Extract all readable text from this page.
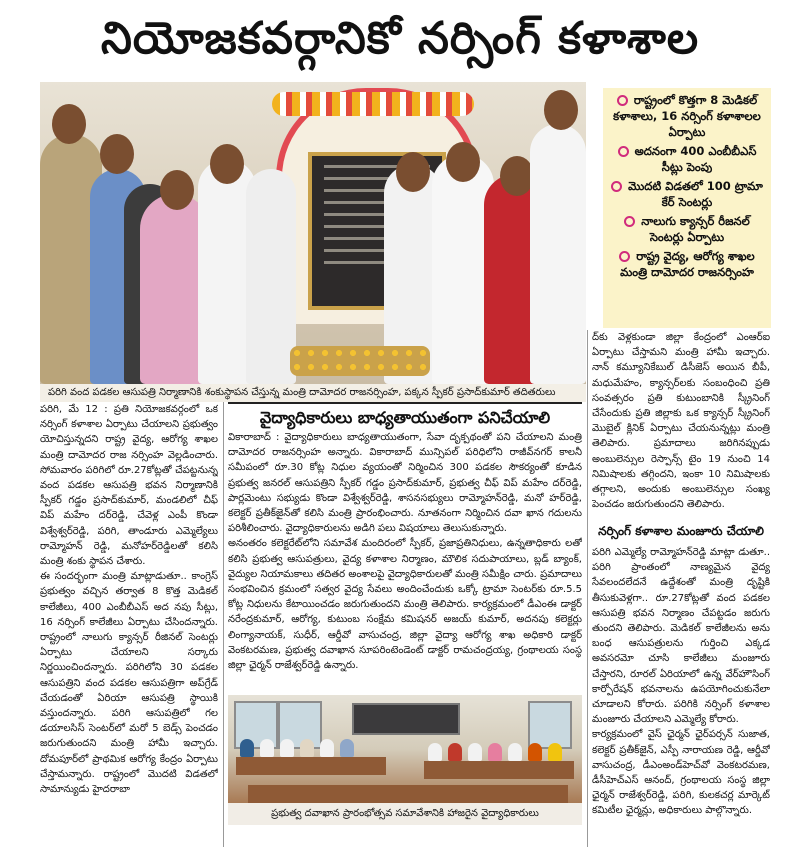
నియోజకవర్గానికో నర్సింగ్ కళాశాల
పరిగి వంద పడకల ఆసుపత్రి నిర్మాణానికి శంకుస్థాపన చేస్తున్న మంత్రి దామోదర రాజనర్సింహ, పక్కన స్పీకర్ ప్రసాద్‌కుమార్ తదితరులు
రాష్ట్రంలో కొత్తగా 8 మెడికల్ కళాశాలు, 16 నర్సింగ్ కళాశాలల ఏర్పాటు
అదనంగా 400 ఎంబీబీఎస్ సీట్లు పెంపు
మొదటి విడతలో 100 ట్రామా కేర్ సెంటర్లు
నాలుగు క్యాన్సర్ రీజనల్ సెంటర్లు ఏర్పాటు
రాష్ట్ర వైద్య, ఆరోగ్య శాఖల మంత్రి దామోదర రాజనర్సింహ

పరిగి, మే 12 : ప్రతి నియోజకవర్గంలో ఒక నర్సింగ్ కళాశాల ఏర్పాటు చేయాలని ప్రభుత్వం యోచిస్తున్నదని రాష్ట్ర వైద్య, ఆరోగ్య శాఖల మంత్రి దామోదర రాజ నర్సింహ వెల్లడించారు. సోమవారం పరిగిలో రూ.27కోట్లతో చేపట్టనున్న వంద పడకల ఆసుపత్రి భవన నిర్మాణానికి స్పీకర్ గడ్డం ప్రసాద్‌కుమార్, మండలిలో చీఫ్ విప్ మహేం దర్‌రెడ్డి, చేవెళ్ల ఎంపీ కొండా విశ్వేశ్వర్‌రెడ్డి, పరిగి, తాండూరు ఎమ్మెల్యేలు రామ్మోహన్ రెడ్డి, మనోహర్‌రెడ్డిలతో కలిసి మంత్రి శంకు స్థాపన చేశారు.

ఈ సందర్భంగా మంత్రి మాట్లాడుతూ.. కాంగ్రెస్ ప్రభుత్వం వచ్చిన తర్వాత 8 కొత్త మెడికల్ కాలేజీలు, 400 ఎంబీబీఎస్ అద నపు సీట్లు, 16 నర్సింగ్ కాలేజీలు ఏర్పాటు చేసిందన్నారు. రాష్ట్రంలో నాలుగు క్యాన్సర్ రీజినల్ సెంటర్లు ఏర్పాటు చేయాలని సర్కారు నిర్ణయించిందన్నారు. పరిగిలోని 30 పడకల ఆసుపత్రిని వంద పడకల ఆసుపత్రిగా అప్‌గ్రేడ్ చేయడంతో ఏరియా ఆసుపత్రి స్థాయికి వస్తుందన్నారు. పరిగి ఆసుపత్రిలో గల డయాలసిస్ సెంటర్‌లో మరో 5 బెడ్స్ పెంచడం జరుగుతుందని మంత్రి హామీ ఇచ్చారు. దోమపూర్‌లో ప్రాథమిక ఆరోగ్య కేంద్రం ఏర్పాటు చేస్తామన్నారు. రాష్ట్రంలో మొదటి విడతలో సామాన్యుడు హైదరాబా

వైద్యాధికారులు బాధ్యతాయుతంగా పనిచేయాలి

వికారాబాద్ : వైద్యాధికారులు బాధ్యతాయుతంగా, సేవా దృక్పథంతో పని చేయాలని మంత్రి దామోదర రాజనర్సింహ అన్నారు. వికారాబాద్ మున్సిపల్ పరిధిలోని రాజీవ్‌నగర్ కాలనీ సమీపంలో రూ.30 కోట్ల నిధుల వ్యయంతో నిర్మించిన 300 పడకల సౌకర్యంతో కూడిన ప్రభుత్వ జనరల్ ఆసుపత్రిని స్పీకర్ గడ్డం ప్రసాద్‌కుమార్, ప్రభుత్వ చీఫ్ విప్ మహేం దర్‌రెడ్డి, పార్లమెంటు సభ్యుడు కొండా విశ్వేశ్వర్‌రెడ్డి, శాసనసభ్యులు రామ్మోహన్‌రెడ్డి, మనో హర్‌రెడ్డి, కలెక్టర్ ప్రతీక్‌జైన్‌తో కలిసి మంత్రి ప్రారంభించారు. నూతనంగా నిర్మించిన దవా ఖాన గదులను పరిశీలించారు. వైద్యాధికారులను అడిగి పలు విషయాలు తెలుసుకున్నారు.

అనంతరం కలెక్టరేట్‌లోని సమావేశ మందిరంలో స్పీకర్, ప్రజాప్రతినిధులు, ఉన్నతాధికారు లతో కలిసి ప్రభుత్వ ఆసుపత్రులు, వైద్య కళాశాల నిర్మాణం, మౌలిక సదుపాయాలు, బ్లడ్ బ్యాంక్, వైద్యుల నియామకాలు తదితర అంశాలపై వైద్యాధికారులతో మంత్రి సమీక్షిం చారు. ప్రమాదాలు సంభవించిన క్రమంలో సత్వర వైద్య సేవలు అందించేందుకు ఒక్కో ట్రామా సెంటర్‌కు రూ.5.5 కోట్ల నిధులను కేటాయించడం జరుగుతుందని మంత్రి తెలిపారు. కార్యక్రమంలో డీఎంఈ డాక్టర్ నరేంద్రకుమార్, ఆరోగ్య, కుటుంబ సంక్షేమ కమిషనర్ అజయ్ కుమార్, అదనపు కలెక్టర్లు లింగ్యానాయక్, సుధీర్, ఆర్డీవో వాసుచంద్ర, జిల్లా వైద్యా ఆరోగ్య శాఖ అధికారి డాక్టర్ వెంకటరమణ, ప్రభుత్వ దవాఖాన సూపరింటెండెంట్ డాక్టర్ రామచంద్రయ్య, గ్రంథాలయ సంస్థ జిల్లా ఛైర్మన్ రాజేశ్వర్‌రెడ్డి ఉన్నారు.

ప్రభుత్వ దవాఖాన ప్రారంభోత్సవ సమావేశానికి హాజరైన వైద్యాధికారులు

ద్‌కు వెళ్లకుండా జిల్లా కేంద్రంలో ఎంఆర్ఐ ఏర్పాటు చేస్తామని మంత్రి హామీ ఇచ్చారు. నాన్ కమ్యూనికేబుల్ డిసీజెస్ అయిన బీపీ, మధుమేహం, క్యాన్సర్‌లకు సంబంధించి ప్రతి సంవత్సరం ప్రతి కుటుంబానికి స్క్రీనింగ్ చేసేందుకు ప్రతి జిల్లాకు ఒక క్యాన్సర్ స్క్రీనింగ్ మొబైల్ క్లినిక్ ఏర్పాటు చేయనున్నట్లు మంత్రి తెలిపారు. ప్రమాదాలు జరిగినప్పుడు అంబులెన్సుల రెస్పాన్స్ టైం 19 నుంచి 14 నిమిషాలకు తగ్గిందని, ఇంకా 10 నిమిషాలకు తగ్గాలని, అందుకు అంబులెన్సుల సంఖ్య పెంచడం జరుగుతుందని తెలిపారు.

నర్సింగ్ కళాశాల మంజూరు చేయాలి

పరిగి ఎమ్మెల్యే రామ్మోహన్‌రెడ్డి మాట్లా డుతూ.. పరిగి ప్రాంతంలో నాణ్యమైన వైద్య సేవలందలేదనే ఉద్దేశంతో మంత్రి దృష్టికి తీసుకువెళ్లగా.. రూ.27కోట్లతో వంద పడకల ఆసుపత్రి భవన నిర్మాణం చేపట్టడం జరుగు తుందని తెలిపారు. మెడికల్ కాలేజీలను అను బంధ ఆసుపత్రులను గుర్తించి ఎక్కడ అవసరమో చూసి కాలేజీలు మంజూరు చేస్తారని, రూరల్ ఏరియాలో ఉన్న వేర్‌హౌసింగ్ కార్పోరేషన్ భవనాలను ఉపయోగించుకునేలా చూడాలని కోరారు. పరిగికి నర్సింగ్ కళాశాల మంజూరు చేయాలని ఎమ్మెల్యే కోరారు.

కార్యక్రమంలో వైస్ ఛైర్మన్ ఛైర్‌పర్సన్ సుజాత, కలెక్టర్ ప్రతీక్‌జైన్, ఎస్పీ నారాయణ రెడ్డి, ఆర్డీవో వాసుచంద్ర, డీఎంఅండ్‌హెచ్‌వో వెంకటరమణ, డీసీహెచ్‌ఎస్ ఆనంద్, గ్రంథాలయ సంస్థ జిల్లా ఛైర్మన్ రాజేశ్వర్‌రెడ్డి, పరిగి, కులకచర్ల మార్కెట్ కమిటీల ఛైర్మన్లు, అధికారులు పాల్గొన్నారు.
